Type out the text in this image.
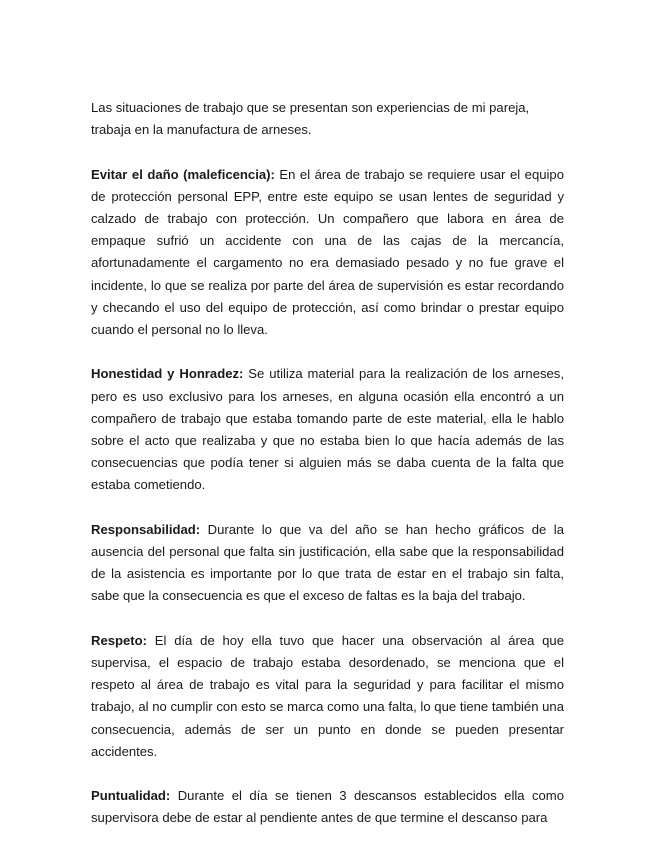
Las situaciones de trabajo que se presentan son experiencias de mi pareja, trabaja en la manufactura de arneses.

Evitar el daño (maleficencia): En el área de trabajo se requiere usar el equipo de protección personal EPP, entre este equipo se usan lentes de seguridad y calzado de trabajo con protección. Un compañero que labora en área de empaque sufrió un accidente con una de las cajas de la mercancía, afortunadamente el cargamento no era demasiado pesado y no fue grave el incidente, lo que se realiza por parte del área de supervisión es estar recordando y checando el uso del equipo de protección, así como brindar o prestar equipo cuando el personal no lo lleva.

Honestidad y Honradez: Se utiliza material para la realización de los arneses, pero es uso exclusivo para los arneses, en alguna ocasión ella encontró a un compañero de trabajo que estaba tomando parte de este material, ella le hablo sobre el acto que realizaba y que no estaba bien lo que hacía además de las consecuencias que podía tener si alguien más se daba cuenta de la falta que estaba cometiendo.

Responsabilidad: Durante lo que va del año se han hecho gráficos de la ausencia del personal que falta sin justificación, ella sabe que la responsabilidad de la asistencia es importante por lo que trata de estar en el trabajo sin falta, sabe que la consecuencia es que el exceso de faltas es la baja del trabajo.

Respeto: El día de hoy ella tuvo que hacer una observación al área que supervisa, el espacio de trabajo estaba desordenado, se menciona que el respeto al área de trabajo es vital para la seguridad y para facilitar el mismo trabajo, al no cumplir con esto se marca como una falta, lo que tiene también una consecuencia, además de ser un punto en donde se pueden presentar accidentes.

Puntualidad: Durante el día se tienen 3 descansos establecidos ella como supervisora debe de estar al pendiente antes de que termine el descanso para
